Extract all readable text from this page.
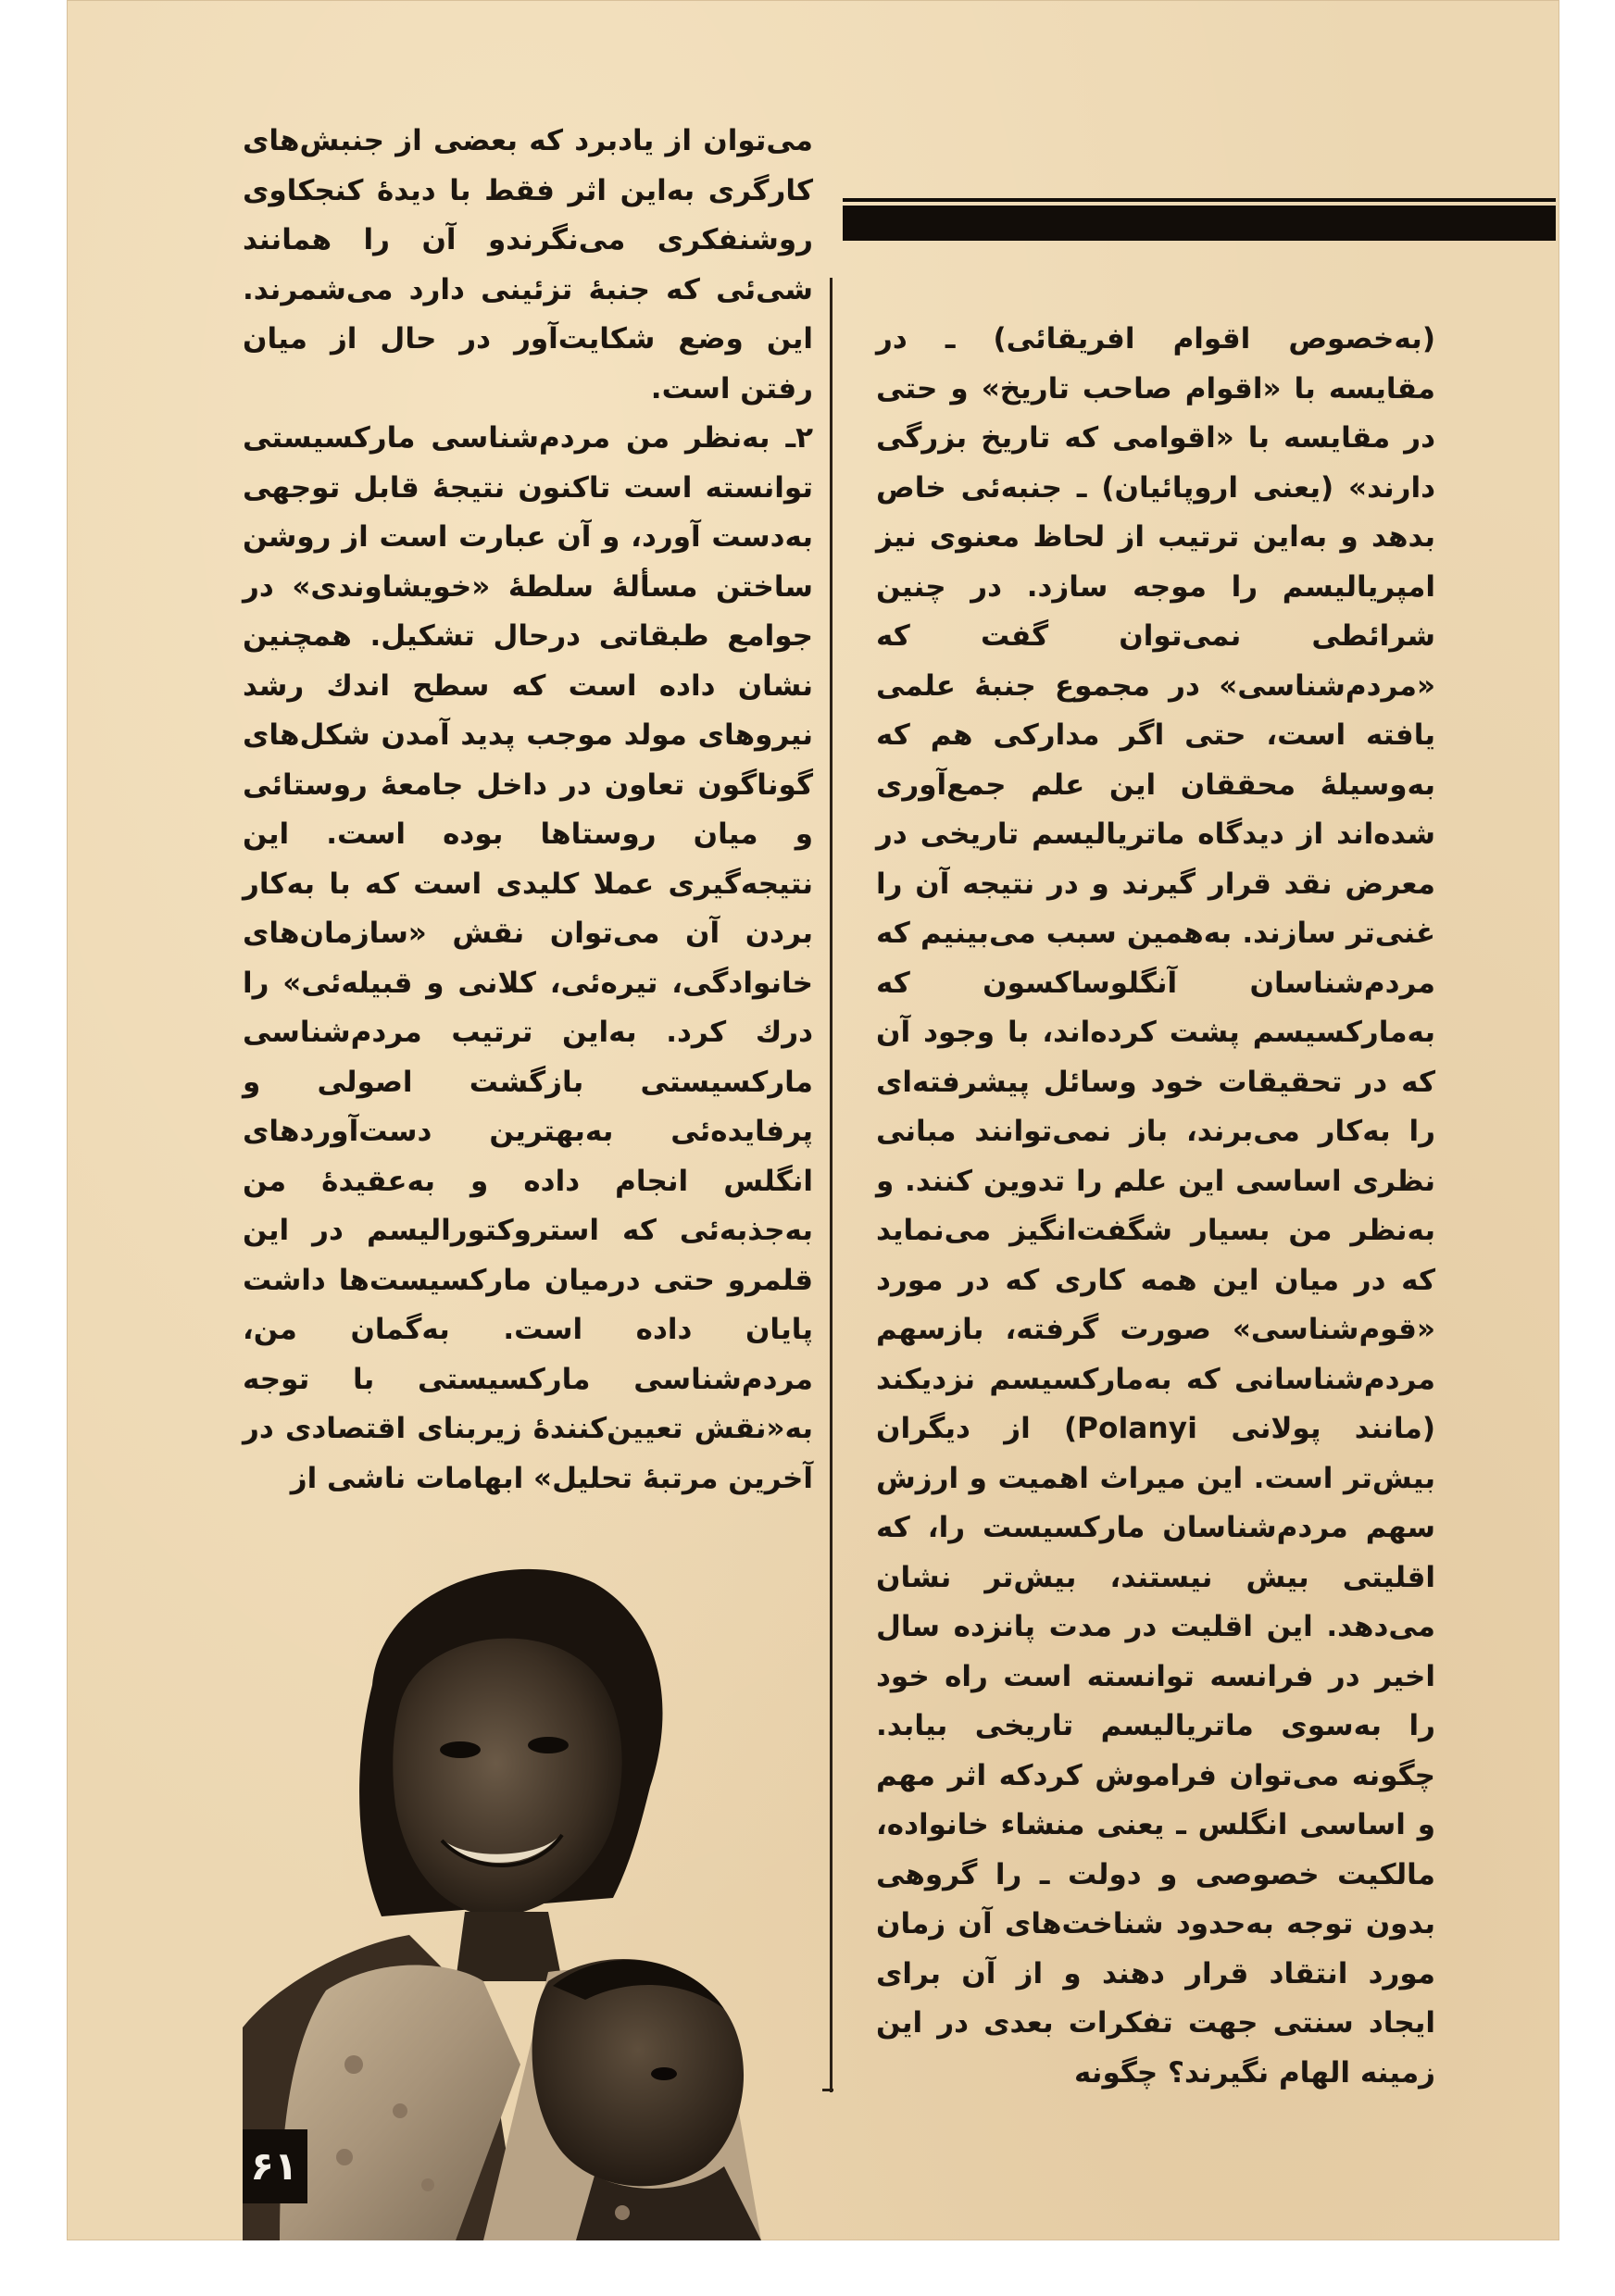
می‌توان از یادبرد که بعضی از جنبش‌های کارگری به‌این اثر فقط با دیدهٔ کنجکاوی روشنفکری می‌نگرندو آن را همانند شی‌ئی که جنبهٔ تزئینی دارد می‌شمرند. این وضع شکایت‌آور در حال از میان رفتن است.

۲ـ به‌نظر من مردم‌شناسی مارکسیستی توانسته است تاکنون نتیجهٔ قابل توجهی به‌دست آورد، و آن عبارت است از روشن ساختن مسألهٔ سلطهٔ «خویشاوندی» در جوامع طبقاتی درحال تشکیل. همچنین نشان داده است که سطح اندك رشد نیروهای مولد موجب پدید آمدن شکل‌های گوناگون تعاون در داخل جامعهٔ روستائی و میان روستاها بوده است. این نتیجه‌گیری عملا کلیدی است که با به‌کار بردن آن می‌توان نقش «سازمان‌های خانوادگی، تیره‌ئی، کلانی و قبیله‌ئی» را درك کرد. به‌این ترتیب مردم‌شناسی مارکسیستی بازگشت اصولی و پرفایده‌ئی به‌بهترین دست‌آوردهای انگلس انجام داده و به‌عقیدهٔ من به‌جذبه‌ئی که استروکتورالیسم در این قلمرو حتی درمیان مارکسیست‌ها داشت پایان داده است. به‌گمان من، مردم‌شناسی مارکسیستی با توجه به«نقش تعیین‌کنندهٔ زیربنای اقتصادی در آخرین مرتبهٔ تحلیل» ابهامات ناشی از

(به‌خصوص اقوام افریقائی) ـ در مقایسه با «اقوام صاحب تاریخ» و حتی در مقایسه با «اقوامی که تاریخ بزرگی دارند» (یعنی اروپائیان) ـ جنبه‌ئی خاص بدهد و به‌این ترتیب از لحاظ معنوی نیز امپریالیسم را موجه سازد. در چنین شرائطی نمی‌توان گفت که «مردم‌شناسی» در مجموع جنبهٔ علمی یافته است، حتی اگر مدارکی هم که به‌وسیلهٔ محققان این علم جمع‌آوری شده‌اند از دیدگاه ماتریالیسم تاریخی در معرض نقد قرار گیرند و در نتیجه آن را غنی‌تر سازند. به‌همین سبب می‌بینیم که مردم‌شناسان آنگلوساکسون که به‌مارکسیسم پشت کرده‌اند، با وجود آن که در تحقیقات خود وسائل پیشرفته‌ای را به‌کار می‌برند، باز نمی‌توانند مبانی نظری اساسی این علم را تدوین کنند. و به‌نظر من بسیار شگفت‌انگیز می‌نماید که در میان این همه کاری که در مورد «قوم‌شناسی» صورت گرفته، بازسهم مردم‌شناسانی که به‌مارکسیسم نزدیکند (مانند پولانی Polanyi) از دیگران بیش‌تر است. این میراث اهمیت و ارزش سهم مردم‌شناسان مارکسیست را، که اقلیتی بیش نیستند، بیش‌تر نشان می‌دهد. این اقلیت در مدت پانزده سال اخیر در فرانسه توانسته است راه خود را به‌سوی ماتریالیسم تاریخی بیابد. چگونه می‌توان فراموش کردکه اثر مهم و اساسی انگلس ـ یعنی منشاء خانواده، مالکیت خصوصی و دولت ـ را گروهی بدون توجه به‌حدود شناخت‌های آن زمان مورد انتقاد قرار دهند و از آن برای ایجاد سنتی جهت تفکرات بعدی در این زمینه الهام نگیرند؟ چگونه

۶۱
